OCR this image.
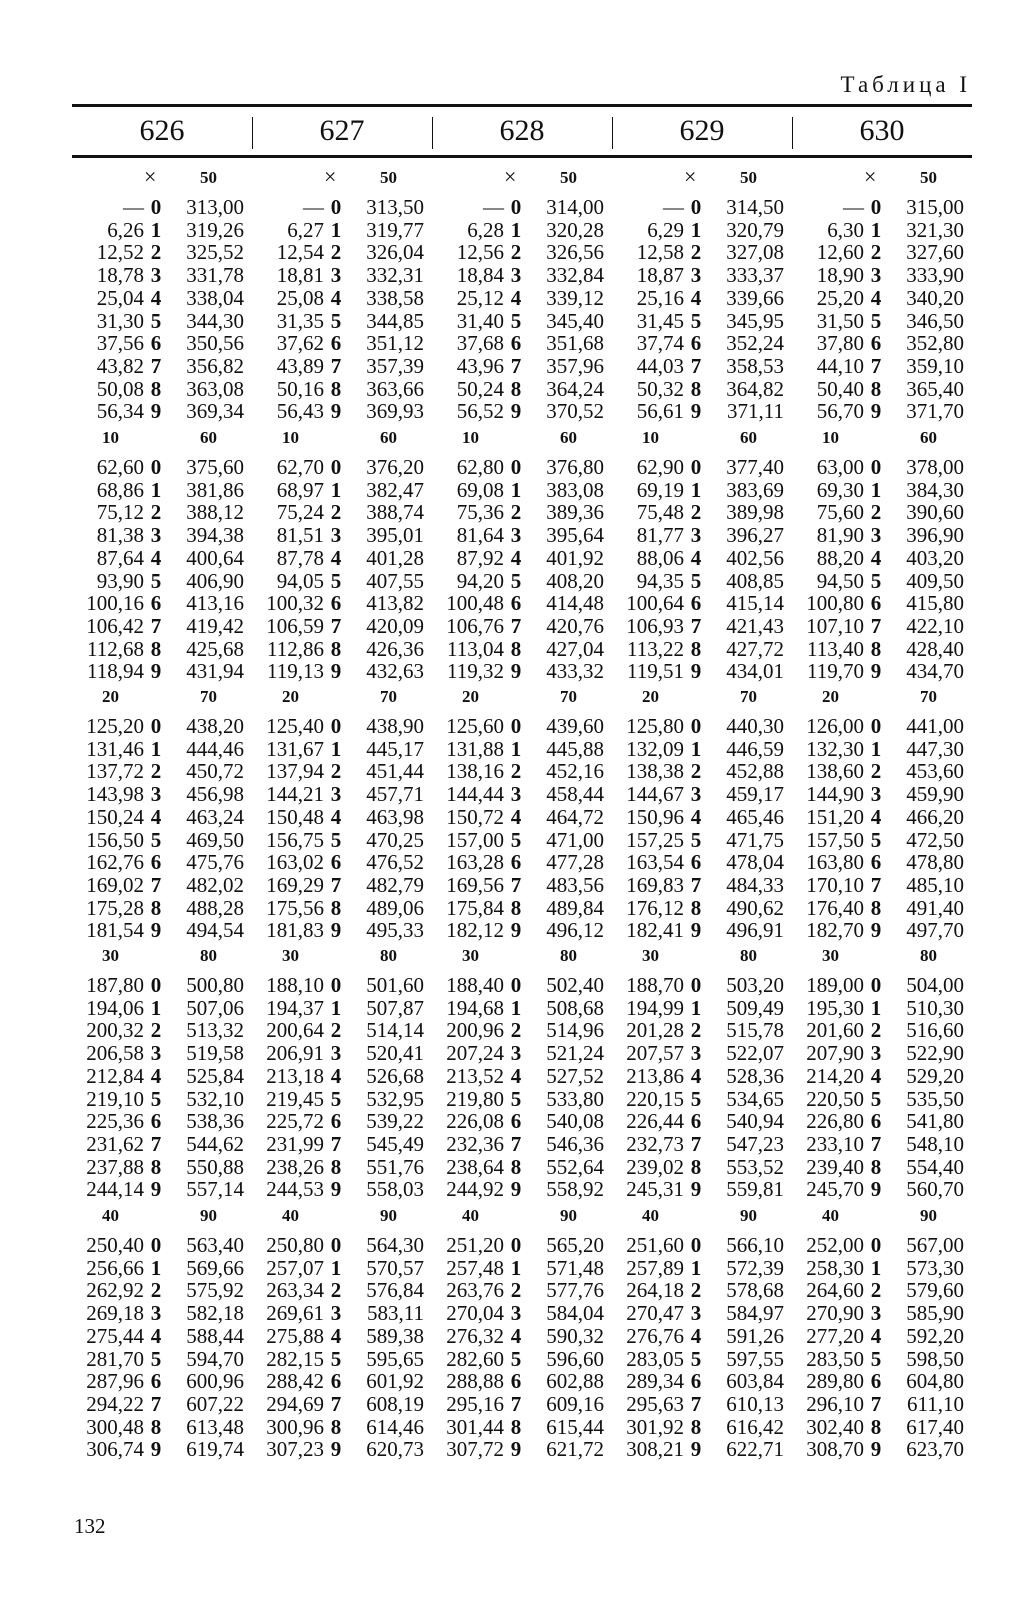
Таблица I
626	627	628	629	630
×	50	×	50	×	50	×	50	×	50
— 0	313,00	— 0	313,50	— 0	314,00	— 0	314,50	— 0	315,00
6,26 1	319,26	6,27 1	319,77	6,28 1	320,28	6,29 1	320,79	6,30 1	321,30
12,52 2	325,52	12,54 2	326,04	12,56 2	326,56	12,58 2	327,08	12,60 2	327,60
18,78 3	331,78	18,81 3	332,31	18,84 3	332,84	18,87 3	333,37	18,90 3	333,90
25,04 4	338,04	25,08 4	338,58	25,12 4	339,12	25,16 4	339,66	25,20 4	340,20
31,30 5	344,30	31,35 5	344,85	31,40 5	345,40	31,45 5	345,95	31,50 5	346,50
37,56 6	350,56	37,62 6	351,12	37,68 6	351,68	37,74 6	352,24	37,80 6	352,80
43,82 7	356,82	43,89 7	357,39	43,96 7	357,96	44,03 7	358,53	44,10 7	359,10
50,08 8	363,08	50,16 8	363,66	50,24 8	364,24	50,32 8	364,82	50,40 8	365,40
56,34 9	369,34	56,43 9	369,93	56,52 9	370,52	56,61 9	371,11	56,70 9	371,70
10	60	10	60	10	60	10	60	10	60
62,60 0	375,60	62,70 0	376,20	62,80 0	376,80	62,90 0	377,40	63,00 0	378,00
68,86 1	381,86	68,97 1	382,47	69,08 1	383,08	69,19 1	383,69	69,30 1	384,30
75,12 2	388,12	75,24 2	388,74	75,36 2	389,36	75,48 2	389,98	75,60 2	390,60
81,38 3	394,38	81,51 3	395,01	81,64 3	395,64	81,77 3	396,27	81,90 3	396,90
87,64 4	400,64	87,78 4	401,28	87,92 4	401,92	88,06 4	402,56	88,20 4	403,20
93,90 5	406,90	94,05 5	407,55	94,20 5	408,20	94,35 5	408,85	94,50 5	409,50
100,16 6	413,16	100,32 6	413,82	100,48 6	414,48	100,64 6	415,14	100,80 6	415,80
106,42 7	419,42	106,59 7	420,09	106,76 7	420,76	106,93 7	421,43	107,10 7	422,10
112,68 8	425,68	112,86 8	426,36	113,04 8	427,04	113,22 8	427,72	113,40 8	428,40
118,94 9	431,94	119,13 9	432,63	119,32 9	433,32	119,51 9	434,01	119,70 9	434,70
20	70	20	70	20	70	20	70	20	70
125,20 0	438,20	125,40 0	438,90	125,60 0	439,60	125,80 0	440,30	126,00 0	441,00
131,46 1	444,46	131,67 1	445,17	131,88 1	445,88	132,09 1	446,59	132,30 1	447,30
137,72 2	450,72	137,94 2	451,44	138,16 2	452,16	138,38 2	452,88	138,60 2	453,60
143,98 3	456,98	144,21 3	457,71	144,44 3	458,44	144,67 3	459,17	144,90 3	459,90
150,24 4	463,24	150,48 4	463,98	150,72 4	464,72	150,96 4	465,46	151,20 4	466,20
156,50 5	469,50	156,75 5	470,25	157,00 5	471,00	157,25 5	471,75	157,50 5	472,50
162,76 6	475,76	163,02 6	476,52	163,28 6	477,28	163,54 6	478,04	163,80 6	478,80
169,02 7	482,02	169,29 7	482,79	169,56 7	483,56	169,83 7	484,33	170,10 7	485,10
175,28 8	488,28	175,56 8	489,06	175,84 8	489,84	176,12 8	490,62	176,40 8	491,40
181,54 9	494,54	181,83 9	495,33	182,12 9	496,12	182,41 9	496,91	182,70 9	497,70
30	80	30	80	30	80	30	80	30	80
187,80 0	500,80	188,10 0	501,60	188,40 0	502,40	188,70 0	503,20	189,00 0	504,00
194,06 1	507,06	194,37 1	507,87	194,68 1	508,68	194,99 1	509,49	195,30 1	510,30
200,32 2	513,32	200,64 2	514,14	200,96 2	514,96	201,28 2	515,78	201,60 2	516,60
206,58 3	519,58	206,91 3	520,41	207,24 3	521,24	207,57 3	522,07	207,90 3	522,90
212,84 4	525,84	213,18 4	526,68	213,52 4	527,52	213,86 4	528,36	214,20 4	529,20
219,10 5	532,10	219,45 5	532,95	219,80 5	533,80	220,15 5	534,65	220,50 5	535,50
225,36 6	538,36	225,72 6	539,22	226,08 6	540,08	226,44 6	540,94	226,80 6	541,80
231,62 7	544,62	231,99 7	545,49	232,36 7	546,36	232,73 7	547,23	233,10 7	548,10
237,88 8	550,88	238,26 8	551,76	238,64 8	552,64	239,02 8	553,52	239,40 8	554,40
244,14 9	557,14	244,53 9	558,03	244,92 9	558,92	245,31 9	559,81	245,70 9	560,70
40	90	40	90	40	90	40	90	40	90
250,40 0	563,40	250,80 0	564,30	251,20 0	565,20	251,60 0	566,10	252,00 0	567,00
256,66 1	569,66	257,07 1	570,57	257,48 1	571,48	257,89 1	572,39	258,30 1	573,30
262,92 2	575,92	263,34 2	576,84	263,76 2	577,76	264,18 2	578,68	264,60 2	579,60
269,18 3	582,18	269,61 3	583,11	270,04 3	584,04	270,47 3	584,97	270,90 3	585,90
275,44 4	588,44	275,88 4	589,38	276,32 4	590,32	276,76 4	591,26	277,20 4	592,20
281,70 5	594,70	282,15 5	595,65	282,60 5	596,60	283,05 5	597,55	283,50 5	598,50
287,96 6	600,96	288,42 6	601,92	288,88 6	602,88	289,34 6	603,84	289,80 6	604,80
294,22 7	607,22	294,69 7	608,19	295,16 7	609,16	295,63 7	610,13	296,10 7	611,10
300,48 8	613,48	300,96 8	614,46	301,44 8	615,44	301,92 8	616,42	302,40 8	617,40
306,74 9	619,74	307,23 9	620,73	307,72 9	621,72	308,21 9	622,71	308,70 9	623,70
132
